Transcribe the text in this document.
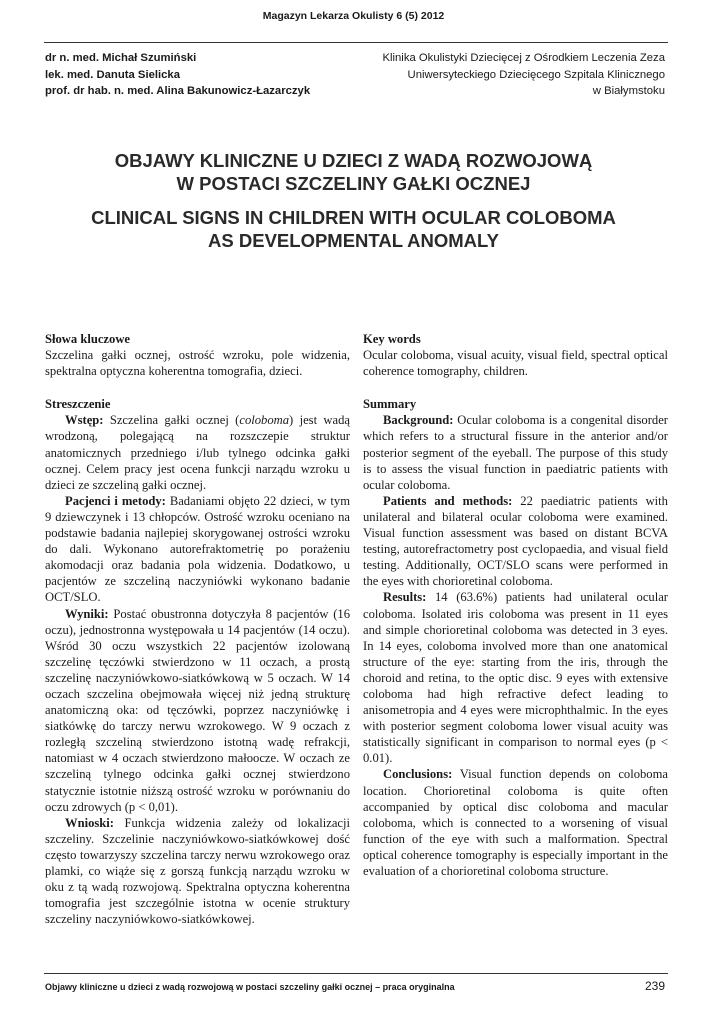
Magazyn Lekarza Okulisty 6 (5) 2012
dr n. med. Michał Szumiński
lek. med. Danuta Sielicka
prof. dr hab. n. med. Alina Bakunowicz-Łazarczyk
Klinika Okulistyki Dziecięcej z Ośrodkiem Leczenia Zeza
Uniwersyteckiego Dziecięcego Szpitala Klinicznego
w Białymstoku
OBJAWY KLINICZNE U DZIECI Z WADĄ ROZWOJOWĄ
W POSTACI SZCZELINY GAŁKI OCZNEJ
CLINICAL SIGNS IN CHILDREN WITH OCULAR COLOBOMA
AS DEVELOPMENTAL ANOMALY
Słowa kluczowe

Szczelina gałki ocznej, ostrość wzroku, pole widzenia, spektralna optyczna koherentna tomografia, dzieci.

Streszczenie

Wstęp: Szczelina gałki ocznej (coloboma) jest wadą wrodzoną, polegającą na rozszczepie struktur anatomicznych przedniego i/lub tylnego odcinka gałki ocznej. Celem pracy jest ocena funkcji narządu wzroku u dzieci ze szczeliną gałki ocznej.

Pacjenci i metody: Badaniami objęto 22 dzieci, w tym 9 dziewczynek i 13 chłopców. Ostrość wzroku oceniano na podstawie badania najlepiej skorygowanej ostrości wzroku do dali. Wykonano autorefraktometrię po porażeniu akomodacji oraz badania pola widzenia. Dodatkowo, u pacjentów ze szczeliną naczyniówki wykonano badanie OCT/SLO.

Wyniki: Postać obustronna dotyczyła 8 pacjentów (16 oczu), jednostronna występowała u 14 pacjentów (14 oczu). Wśród 30 oczu wszystkich 22 pacjentów izolowaną szczelinę tęczówki stwierdzono w 11 oczach, a prostą szczelinę naczyniówkowo-siatkówkową w 5 oczach. W 14 oczach szczelina obejmowała więcej niż jedną strukturę anatomiczną oka: od tęczówki, poprzez naczyniówkę i siatkówkę do tarczy nerwu wzrokowego. W 9 oczach z rozległą szczeliną stwierdzono istotną wadę refrakcji, natomiast w 4 oczach stwierdzono małoocze. W oczach ze szczeliną tylnego odcinka gałki ocznej stwierdzono statycznie istotnie niższą ostrość wzroku w porównaniu do oczu zdrowych (p < 0,01).

Wnioski: Funkcja widzenia zależy od lokalizacji szczeliny. Szczelinie naczyniówkowo-siatkówkowej dość często towarzyszy szczelina tarczy nerwu wzrokowego oraz plamki, co wiąże się z gorszą funkcją narządu wzroku w oku z tą wadą rozwojową. Spektralna optyczna koherentna tomografia jest szczególnie istotna w ocenie struktury szczeliny naczyniówkowo-siatkówkowej.

Key words

Ocular coloboma, visual acuity, visual field, spectral optical coherence tomography, children.

Summary

Background: Ocular coloboma is a congenital disorder which refers to a structural fissure in the anterior and/or posterior segment of the eyeball. The purpose of this study is to assess the visual function in paediatric patients with ocular coloboma.

Patients and methods: 22 paediatric patients with unilateral and bilateral ocular coloboma were examined. Visual function assessment was based on distant BCVA testing, autorefractometry post cyclopaedia, and visual field testing. Additionally, OCT/SLO scans were performed in the eyes with chorioretinal coloboma.

Results: 14 (63.6%) patients had unilateral ocular coloboma. Isolated iris coloboma was present in 11 eyes and simple chorioretinal coloboma was detected in 3 eyes. In 14 eyes, coloboma involved more than one anatomical structure of the eye: starting from the iris, through the choroid and retina, to the optic disc. 9 eyes with extensive coloboma had high refractive defect leading to anisometropia and 4 eyes were microphthalmic. In the eyes with posterior segment coloboma lower visual acuity was statistically significant in comparison to normal eyes (p < 0.01).

Conclusions: Visual function depends on coloboma location. Chorioretinal coloboma is quite often accompanied by optical disc coloboma and macular coloboma, which is connected to a worsening of visual function of the eye with such a malformation. Spectral optical coherence tomography is especially important in the evaluation of a chorioretinal coloboma structure.

Objawy kliniczne u dzieci z wadą rozwojową w postaci szczeliny gałki ocznej – praca oryginalna	239
